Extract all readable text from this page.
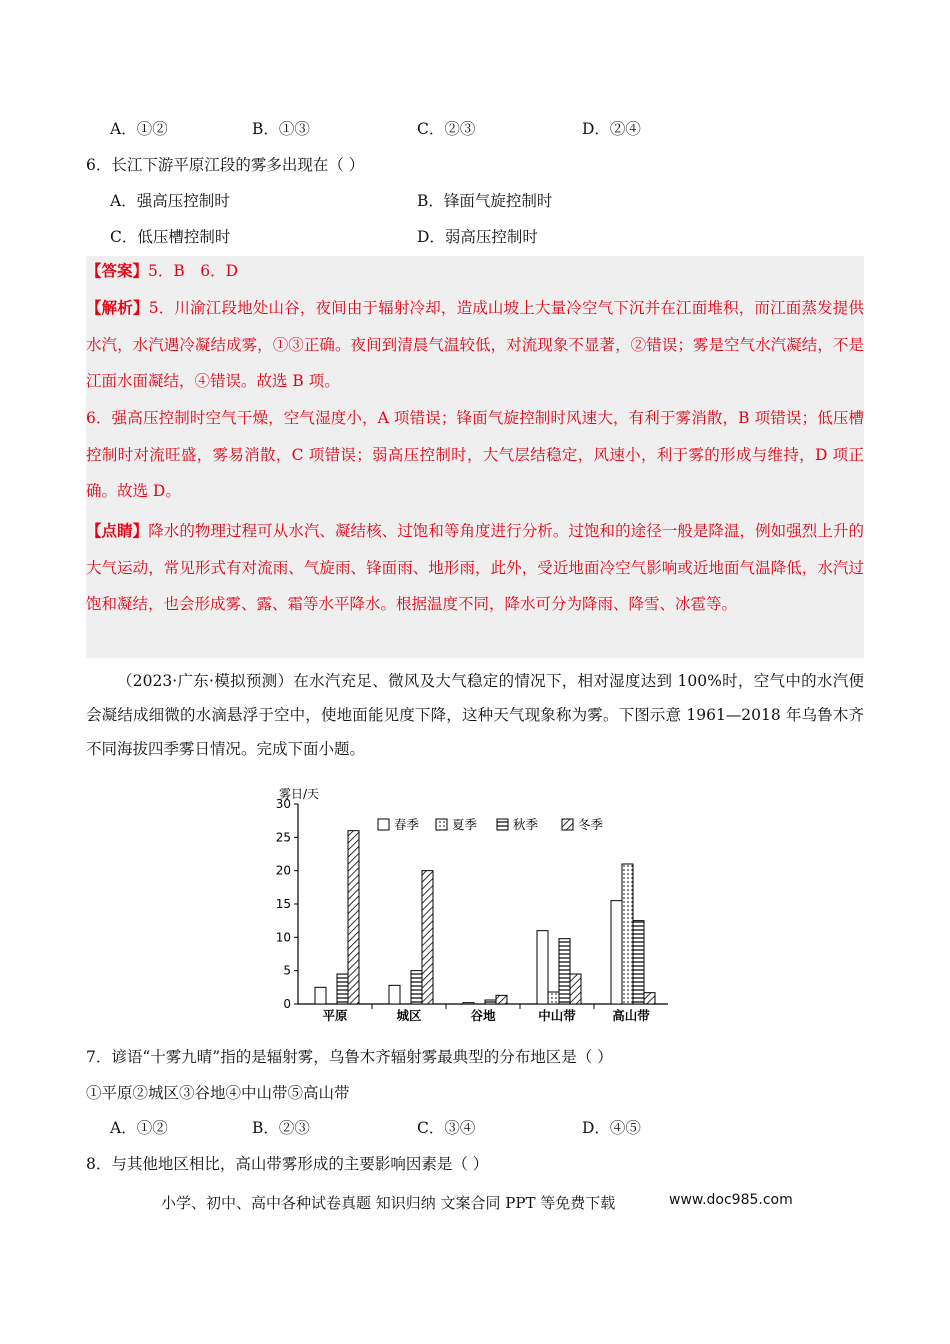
A．①②	B．①③	C．②③	D．②④
6．长江下游平原江段的雾多出现在（ ）
A．强高压控制时	B．锋面气旋控制时
C．低压槽控制时	D．弱高压控制时
【答案】5．B　6．D
【解析】5．川渝江段地处山谷，夜间由于辐射冷却，造成山坡上大量冷空气下沉并在江面堆积，而江面蒸发提供水汽，水汽遇冷凝结成雾，①③正确。夜间到清晨气温较低，对流现象不显著，②错误；雾是空气水汽凝结，不是江面水面凝结，④错误。故选 B 项。
6．强高压控制时空气干燥，空气湿度小，A 项错误；锋面气旋控制时风速大，有利于雾消散，B 项错误；低压槽控制时对流旺盛，雾易消散，C 项错误；弱高压控制时，大气层结稳定，风速小，利于雾的形成与维持，D 项正确。故选 D。
【点睛】降水的物理过程可从水汽、凝结核、过饱和等角度进行分析。过饱和的途径一般是降温，例如强烈上升的大气运动，常见形式有对流雨、气旋雨、锋面雨、地形雨，此外，受近地面冷空气影响或近地面气温降低，水汽过饱和凝结，也会形成雾、露、霜等水平降水。根据温度不同，降水可分为降雨、降雪、冰雹等。
（2023·广东·模拟预测）在水汽充足、微风及大气稳定的情况下，相对湿度达到 100%时，空气中的水汽便会凝结成细微的水滴悬浮于空中，使地面能见度下降，这种天气现象称为雾。下图示意 1961—2018 年乌鲁木齐不同海拔四季雾日情况。完成下面小题。
雾日/天
0
5
10
15
20
25
30
平原	城区	谷地	中山带	高山带
春季	夏季	秋季	冬季
7．谚语“十雾九晴”指的是辐射雾，乌鲁木齐辐射雾最典型的分布地区是（ ）
①平原②城区③谷地④中山带⑤高山带
A．①②	B．②③	C．③④	D．④⑤
8．与其他地区相比，高山带雾形成的主要影响因素是（ ）
小学、初中、高中各种试卷真题 知识归纳 文案合同 PPT 等免费下载	www.doc985.com
